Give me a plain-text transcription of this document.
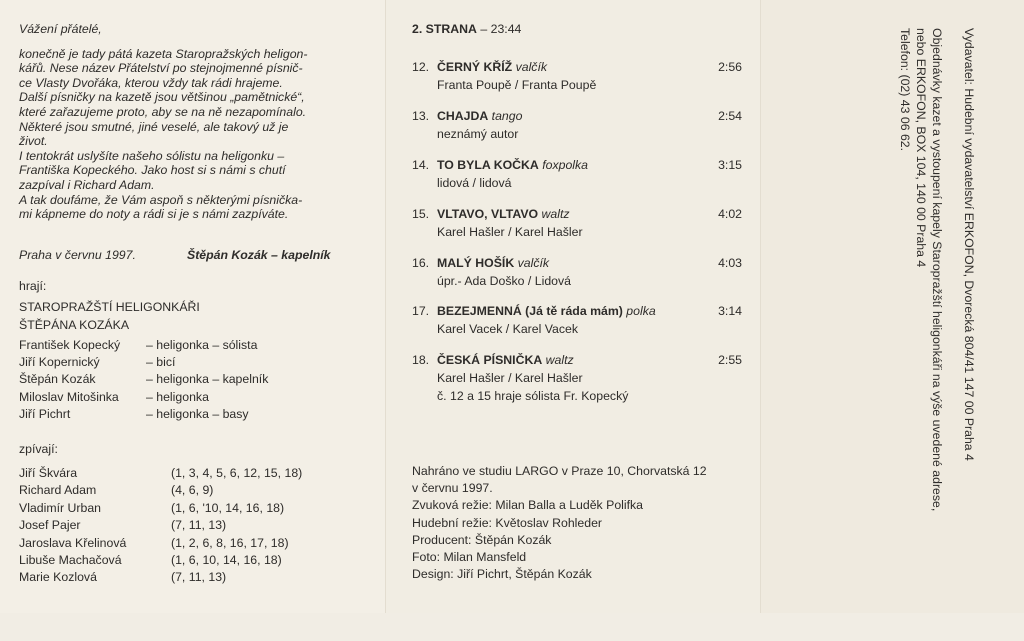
Vážení přátelé,

konečně je tady pátá kazeta Staropražských heligon-

kářů. Nese název Přátelství po stejnojmenné písnič-

ce Vlasty Dvořáka, kterou vždy tak rádi hrajeme.

Další písničky na kazetě jsou většinou „pamětnické“,

které zařazujeme proto, aby se na ně nezapomínalo.

Některé jsou smutné, jiné veselé, ale takový už je

život.

I tentokrát uslyšíte našeho sólistu na heligonku –

Františka Kopeckého. Jako host si s námi s chutí

zazpíval i Richard Adam.

A tak doufáme, že Vám aspoň s některými písnička-

mi kápneme do noty a rádi si je s námi zazpíváte.

Praha v červnu 1997.	Štěpán Kozák – kapelník
hrají:
STAROPRAŽŠTÍ HELIGONKÁŘI
ŠTĚPÁNA KOZÁKA
František Kopecký – heligonka – sólista
Jiří Kopernický	– bicí
Štěpán Kozák	– heligonka – kapelník
Miloslav Mitošinka – heligonka
Jiří Pichrt	– heligonka – basy
zpívají:
Jiří Škvára	(1, 3, 4, 5, 6, 12, 15, 18)
Richard Adam	(4, 6, 9)
Vladimír Urban	(1, 6, '10, 14, 16, 18)
Josef Pajer	(7, 11, 13)
Jaroslava Křelinová	(1, 2, 6, 8, 16, 17, 18)
Libuše Machačová	(1, 6, 10, 14, 16, 18)
Marie Kozlová	(7, 11, 13)
2. STRANA – 23:44
12. ČERNÝ KŘÍŽ valčík	2:56
Franta Poupě / Franta Poupě
13. CHAJDA tango	2:54
neznámý autor
14. TO BYLA KOČKA foxpolka	3:15
lidová / lidová
15. VLTAVO, VLTAVO waltz	4:02
Karel Hašler / Karel Hašler
16. MALÝ HOŠÍK valčík	4:03
úpr.- Ada Doško / Lidová
17. BEZEJMENNÁ (Já tě ráda mám) polka	3:14
Karel Vacek / Karel Vacek
18. ČESKÁ PÍSNIČKA waltz	2:55
Karel Hašler / Karel Hašler
č. 12 a 15 hraje sólista Fr. Kopecký
Nahráno ve studiu LARGO v Praze 10, Chorvatská 12
v červnu 1997.
Zvuková režie: Milan Balla a Luděk Polifka
Hudební režie: Květoslav Rohleder
Producent: Štěpán Kozák
Foto: Milan Mansfeld
Design: Jiří Pichrt, Štěpán Kozák
Vydavatel: Hudební vydavatelství ERKOFON, Dvorecká 804/41 147 00 Praha 4
Objednávky kazet a vystoupení kapely Staropražští heligonkáři na výše uvedené adrese,
nebo ERKOFON, BOX 104, 140 00 Praha 4
Telefon: (02) 43 06 62.
